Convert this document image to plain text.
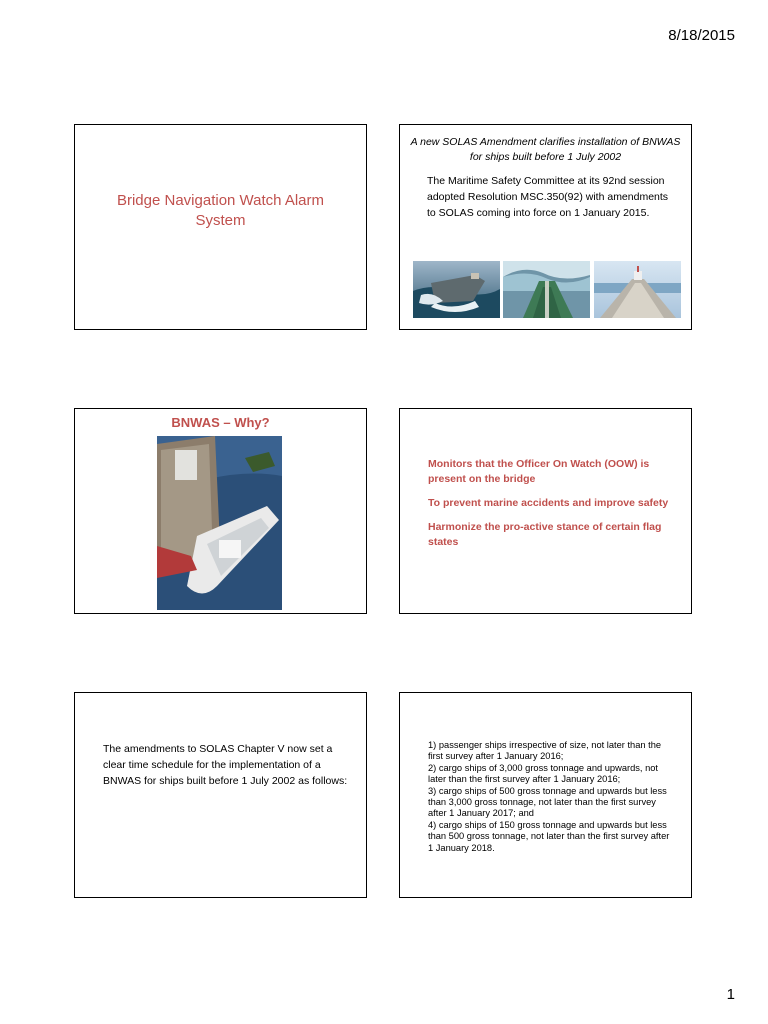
8/18/2015
Bridge Navigation Watch Alarm System
A new SOLAS Amendment clarifies installation of BNWAS for ships built before 1 July 2002
The Maritime Safety Committee at its 92nd session adopted Resolution MSC.350(92) with amendments to SOLAS coming into force on 1 January 2015.
BNWAS – Why?

Monitors that the Officer On Watch (OOW) is present on the bridge

To prevent marine accidents and improve safety

Harmonize the pro-active stance of certain flag states

The amendments to SOLAS Chapter V now set a clear time schedule for the implementation of a BNWAS for ships built before 1 July 2002 as follows:

1) passenger ships irrespective of size, not later than the first survey after 1 January 2016;

2) cargo ships of 3,000 gross tonnage and upwards, not later than the first survey after 1 January 2016;

3) cargo ships of 500 gross tonnage and upwards but less than 3,000 gross tonnage, not later than the first survey after 1 January 2017; and

4) cargo ships of 150 gross tonnage and upwards but less than 500 gross tonnage, not later than the first survey after 1 January 2018.

1
